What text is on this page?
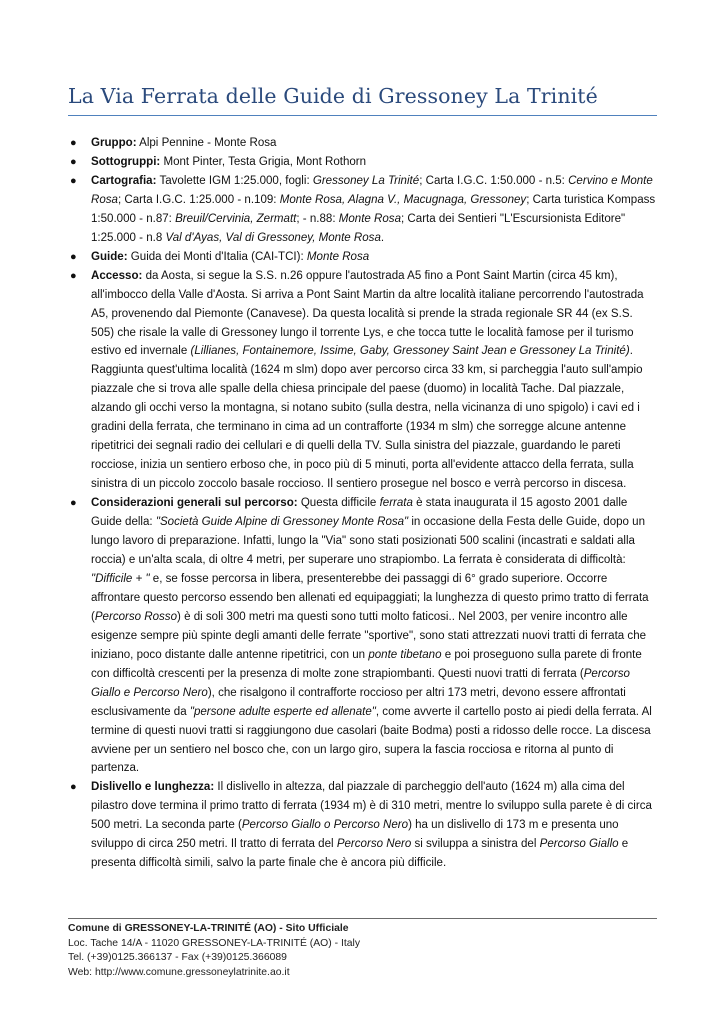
La Via Ferrata delle Guide di Gressoney La Trinité
● Gruppo: Alpi Pennine - Monte Rosa
● Sottogruppi: Mont Pinter, Testa Grigia, Mont Rothorn
● Cartografia: Tavolette IGM 1:25.000, fogli: Gressoney La Trinité; Carta I.G.C. 1:50.000 - n.5: Cervino e Monte Rosa; Carta I.G.C. 1:25.000 - n.109: Monte Rosa, Alagna V., Macugnaga, Gressoney; Carta turistica Kompass 1:50.000 - n.87: Breuil/Cervinia, Zermatt; - n.88: Monte Rosa; Carta dei Sentieri "L'Escursionista Editore" 1:25.000 - n.8 Val d'Ayas, Val di Gressoney, Monte Rosa.
● Guide: Guida dei Monti d'Italia (CAI-TCI): Monte Rosa
● Accesso: da Aosta, si segue la S.S. n.26 oppure l'autostrada A5 fino a Pont Saint Martin (circa 45 km), all'imbocco della Valle d'Aosta. Si arriva a Pont Saint Martin da altre località italiane percorrendo l'autostrada A5, provenendo dal Piemonte (Canavese). Da questa località si prende la strada regionale SR 44 (ex S.S. 505) che risale la valle di Gressoney lungo il torrente Lys, e che tocca tutte le località famose per il turismo estivo ed invernale (Lillianes, Fontainemore, Issime, Gaby, Gressoney Saint Jean e Gressoney La Trinité). Raggiunta quest'ultima località (1624 m slm) dopo aver percorso circa 33 km, si parcheggia l'auto sull'ampio piazzale che si trova alle spalle della chiesa principale del paese (duomo) in località Tache. Dal piazzale, alzando gli occhi verso la montagna, si notano subito (sulla destra, nella vicinanza di uno spigolo) i cavi ed i gradini della ferrata, che terminano in cima ad un contrafforte (1934 m slm) che sorregge alcune antenne ripetitrici dei segnali radio dei cellulari e di quelli della TV. Sulla sinistra del piazzale, guardando le pareti rocciose, inizia un sentiero erboso che, in poco più di 5 minuti, porta all'evidente attacco della ferrata, sulla sinistra di un piccolo zoccolo basale roccioso. Il sentiero prosegue nel bosco e verrà percorso in discesa.
● Considerazioni generali sul percorso: Questa difficile ferrata è stata inaugurata il 15 agosto 2001 dalle Guide della: "Società Guide Alpine di Gressoney Monte Rosa" in occasione della Festa delle Guide, dopo un lungo lavoro di preparazione. Infatti, lungo la "Via" sono stati posizionati 500 scalini (incastrati e saldati alla roccia) e un'alta scala, di oltre 4 metri, per superare uno strapiombo. La ferrata è considerata di difficoltà: "Difficile + " e, se fosse percorsa in libera, presenterebbe dei passaggi di 6° grado superiore. Occorre affrontare questo percorso essendo ben allenati ed equipaggiati; la lunghezza di questo primo tratto di ferrata (Percorso Rosso) è di soli 300 metri ma questi sono tutti molto faticosi.. Nel 2003, per venire incontro alle esigenze sempre più spinte degli amanti delle ferrate "sportive", sono stati attrezzati nuovi tratti di ferrata che iniziano, poco distante dalle antenne ripetitrici, con un ponte tibetano e poi proseguono sulla parete di fronte con difficoltà crescenti per la presenza di molte zone strapiombanti. Questi nuovi tratti di ferrata (Percorso Giallo e Percorso Nero), che risalgono il contrafforte roccioso per altri 173 metri, devono essere affrontati esclusivamente da "persone adulte esperte ed allenate", come avverte il cartello posto ai piedi della ferrata. Al termine di questi nuovi tratti si raggiungono due casolari (baite Bodma) posti a ridosso delle rocce. La discesa avviene per un sentiero nel bosco che, con un largo giro, supera la fascia rocciosa e ritorna al punto di partenza.
● Dislivello e lunghezza: Il dislivello in altezza, dal piazzale di parcheggio dell'auto (1624 m) alla cima del pilastro dove termina il primo tratto di ferrata (1934 m) è di 310 metri, mentre lo sviluppo sulla parete è di circa 500 metri. La seconda parte (Percorso Giallo o Percorso Nero) ha un dislivello di 173 m e presenta uno sviluppo di circa 250 metri. Il tratto di ferrata del Percorso Nero si sviluppa a sinistra del Percorso Giallo e presenta difficoltà simili, salvo la parte finale che è ancora più difficile.
Comune di GRESSONEY-LA-TRINITÉ (AO) - Sito Ufficiale
Loc. Tache 14/A - 11020 GRESSONEY-LA-TRINITÉ (AO) - Italy
Tel. (+39)0125.366137 - Fax (+39)0125.366089
Web: http://www.comune.gressoneylatrinite.ao.it
